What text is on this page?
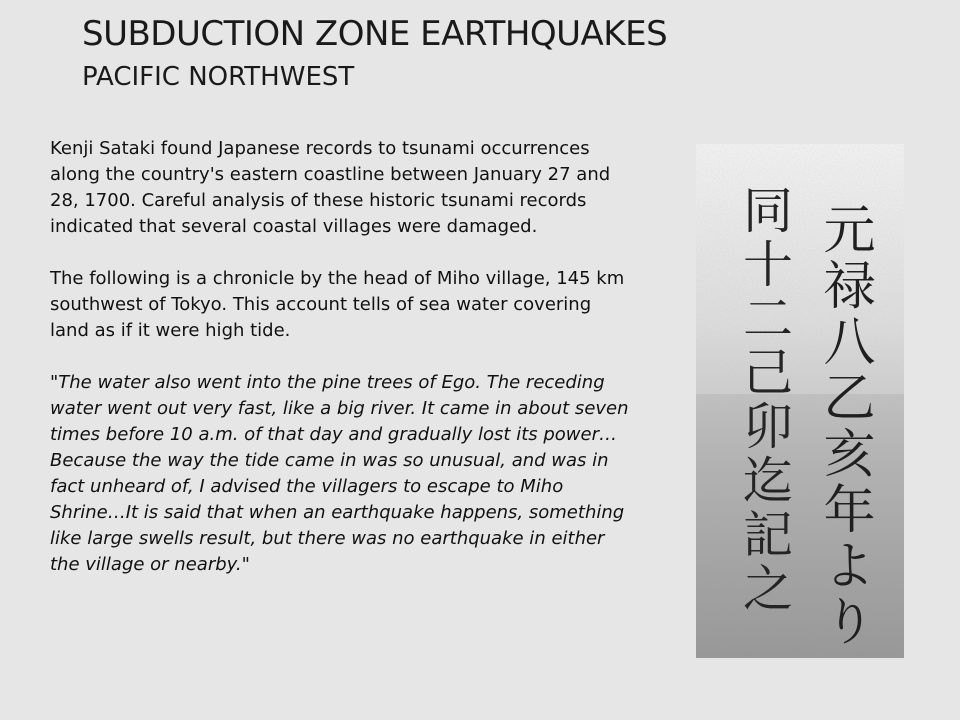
SUBDUCTION ZONE EARTHQUAKES
PACIFIC NORTHWEST

Kenji Sataki found Japanese records to tsunami occurrences along the country's eastern coastline between January 27 and 28, 1700. Careful analysis of these historic tsunami records indicated that several coastal villages were damaged.

The following is a chronicle by the head of Miho village, 145 km southwest of Tokyo. This account tells of sea water covering land as if it were high tide.

"The water also went into the pine trees of Ego. The receding water went out very fast, like a big river. It came in about seven times before 10 a.m. of that day and gradually lost its power…Because the way the tide came in was so unusual, and was in fact unheard of, I advised the villagers to escape to Miho Shrine…It is said that when an earthquake happens, something like large swells result, but there was no earthquake in either the village or nearby."	元禄八乙亥年より
同十二己卯迄記之
